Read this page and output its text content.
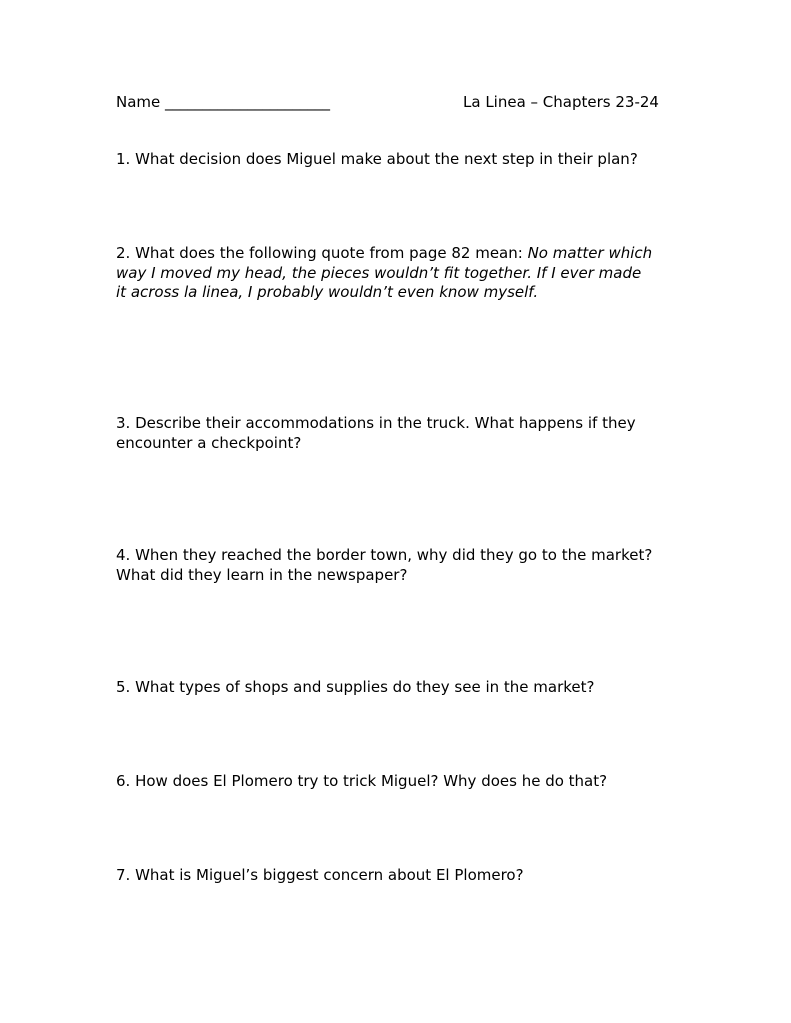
Name ______________________	La Linea – Chapters 23-24
1. What decision does Miguel make about the next step in their plan?
2. What does the following quote from page 82 mean: No matter which
way I moved my head, the pieces wouldn’t fit together. If I ever made
it across la linea, I probably wouldn’t even know myself.
3. Describe their accommodations in the truck. What happens if they
encounter a checkpoint?
4. When they reached the border town, why did they go to the market?
What did they learn in the newspaper?
5. What types of shops and supplies do they see in the market?
6. How does El Plomero try to trick Miguel? Why does he do that?
7. What is Miguel’s biggest concern about El Plomero?
